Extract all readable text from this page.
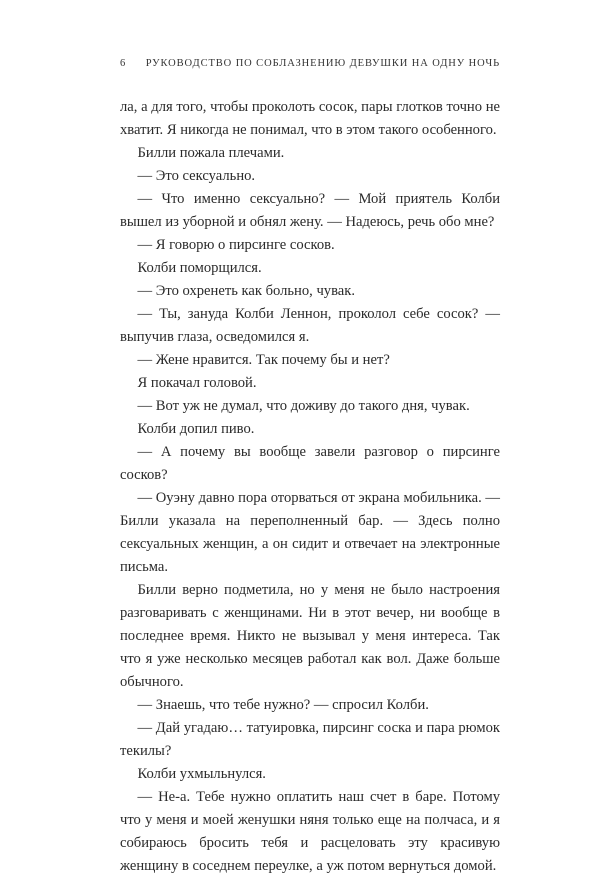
6 РУКОВОДСТВО ПО СОБЛАЗНЕНИЮ ДЕВУШКИ НА ОДНУ НОЧЬ

ла, а для того, чтобы проколоть сосок, пары глотков точно не хватит. Я никогда не понимал, что в этом такого особенного.

Билли пожала плечами.

— Это сексуально.

— Что именно сексуально? — Мой приятель Колби вышел из уборной и обнял жену. — Надеюсь, речь обо мне?

— Я говорю о пирсинге сосков.

Колби поморщился.

— Это охренеть как больно, чувак.

— Ты, зануда Колби Леннон, проколол себе сосок? — выпучив глаза, осведомился я.

— Жене нравится. Так почему бы и нет?

Я покачал головой.

— Вот уж не думал, что доживу до такого дня, чувак.

Колби допил пиво.

— А почему вы вообще завели разговор о пирсинге сосков?

— Оуэну давно пора оторваться от экрана мобильника. — Билли указала на переполненный бар. — Здесь полно сексуальных женщин, а он сидит и отвечает на электронные письма.

Билли верно подметила, но у меня не было настроения разговаривать с женщинами. Ни в этот вечер, ни вообще в последнее время. Никто не вызывал у меня интереса. Так что я уже несколько месяцев работал как вол. Даже больше обычного.

— Знаешь, что тебе нужно? — спросил Колби.

— Дай угадаю… татуировка, пирсинг соска и пара рюмок текилы?

Колби ухмыльнулся.

— Не-а. Тебе нужно оплатить наш счет в баре. Потому что у меня и моей женушки няня только еще на полчаса, и я собираюсь бросить тебя и расцеловать эту красивую женщину в соседнем переулке, а уж потом вернуться домой.
